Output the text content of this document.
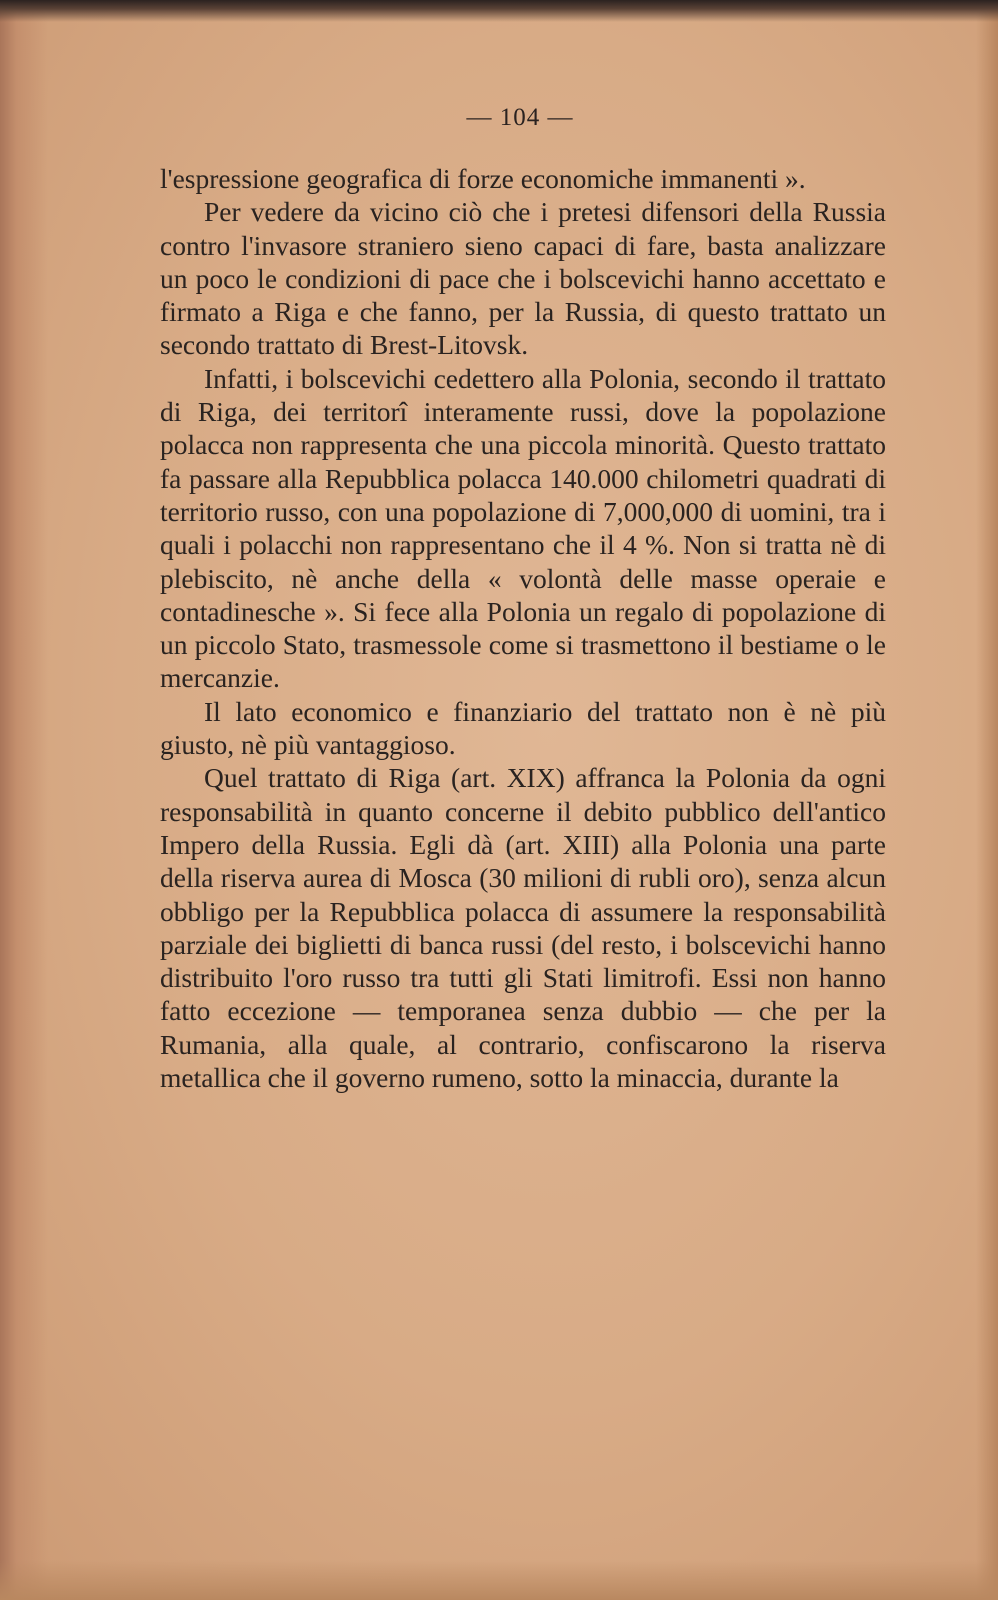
— 104 —

l'espressione geografica di forze economiche immanenti ».

Per vedere da vicino ciò che i pretesi difensori della Russia contro l'invasore straniero sieno capaci di fare, basta analizzare un poco le condizioni di pace che i bolscevichi hanno accettato e firmato a Riga e che fanno, per la Russia, di questo trattato un secondo trattato di Brest-Litovsk.

Infatti, i bolscevichi cedettero alla Polonia, secondo il trattato di Riga, dei territorî interamente russi, dove la popolazione polacca non rappresenta che una piccola minorità. Questo trattato fa passare alla Repubblica polacca 140.000 chilometri quadrati di territorio russo, con una popolazione di 7,000,000 di uomini, tra i quali i polacchi non rappresentano che il 4 %. Non si tratta nè di plebiscito, nè anche della « volontà delle masse operaie e contadinesche ». Si fece alla Polonia un regalo di popolazione di un piccolo Stato, trasmessole come si trasmettono il bestiame o le mercanzie.

Il lato economico e finanziario del trattato non è nè più giusto, nè più vantaggioso.

Quel trattato di Riga (art. XIX) affranca la Polonia da ogni responsabilità in quanto concerne il debito pubblico dell'antico Impero della Russia. Egli dà (art. XIII) alla Polonia una parte della riserva aurea di Mosca (30 milioni di rubli oro), senza alcun obbligo per la Repubblica polacca di assumere la responsabilità parziale dei biglietti di banca russi (del resto, i bolscevichi hanno distribuito l'oro russo tra tutti gli Stati limitrofi. Essi non hanno fatto eccezione — temporanea senza dubbio — che per la Rumania, alla quale, al contrario, confiscarono la riserva metallica che il governo rumeno, sotto la minaccia, durante la
